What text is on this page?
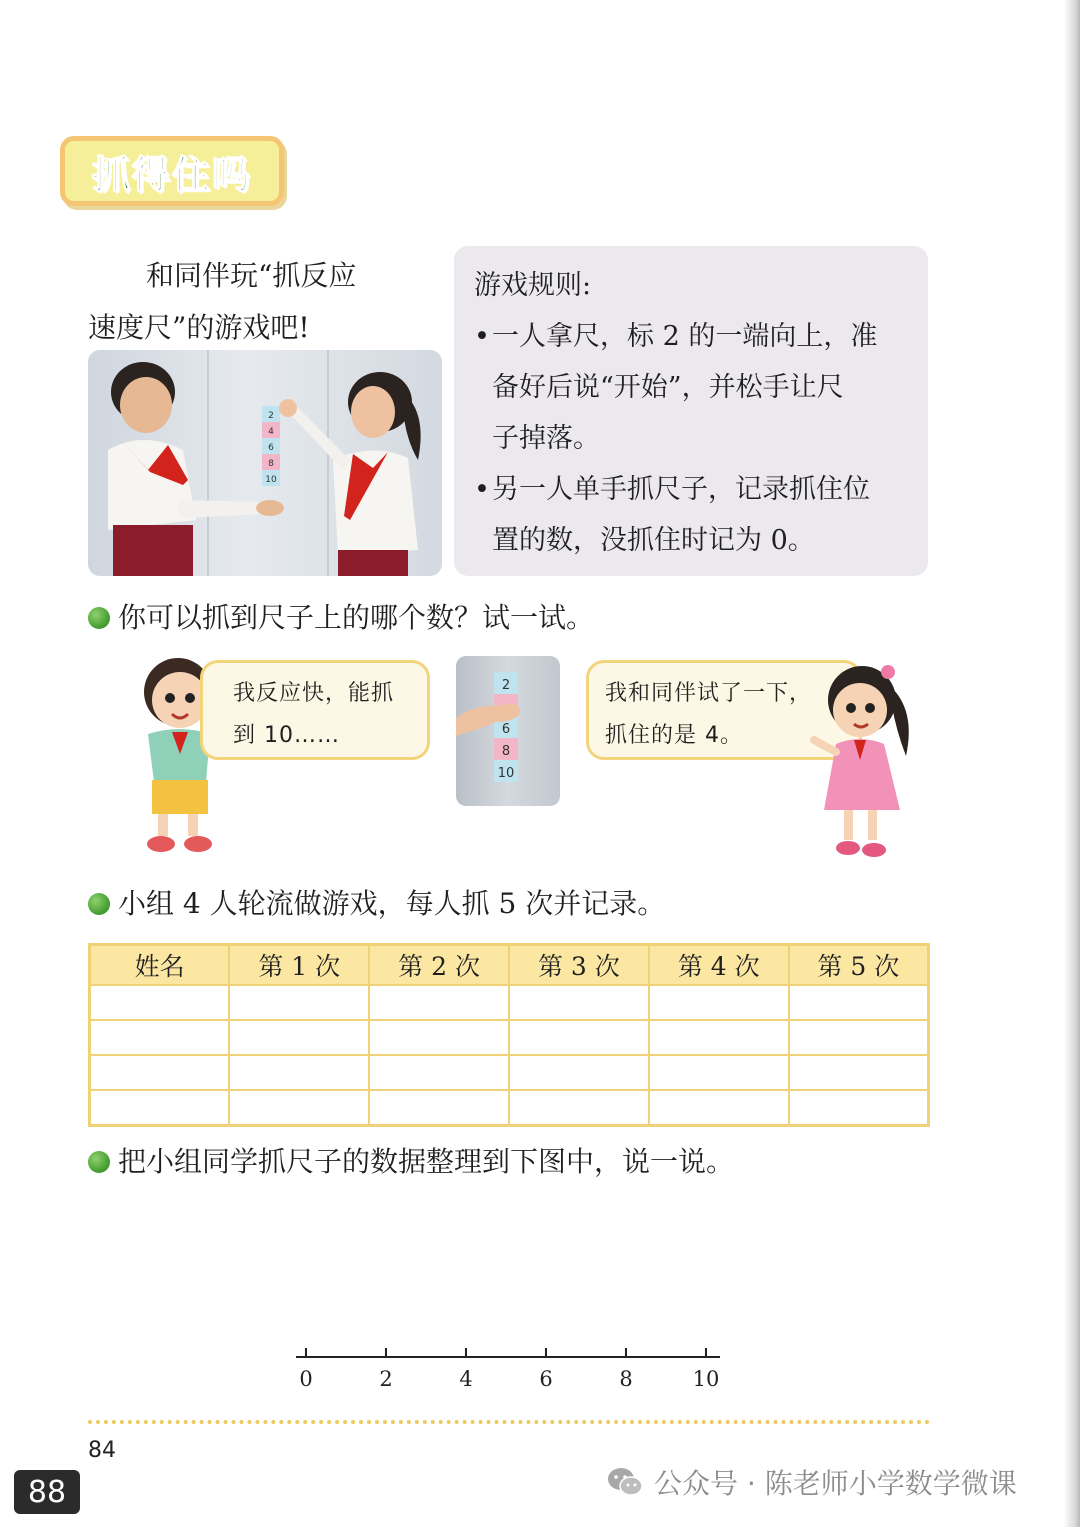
抓得住吗
和同伴玩“抓反应
速度尺”的游戏吧!
2
4
6
8
10
游戏规则:
• 一人拿尺，标 2 的一端向上，准
备好后说“开始”，并松手让尺
子掉落。
• 另一人单手抓尺子，记录抓住位
置的数，没抓住时记为 0。
你可以抓到尺子上的哪个数？试一试。
我反应快，能抓
到 10……
2
6
8
10
我和同伴试了一下，
抓住的是 4。
小组 4 人轮流做游戏，每人抓 5 次并记录。
姓名	第 1 次	第 2 次	第 3 次	第 4 次	第 5 次

把小组同学抓尺子的数据整理到下图中，说一说。
0	2	4	6	8	10
84
88	公众号 · 陈老师小学数学微课
